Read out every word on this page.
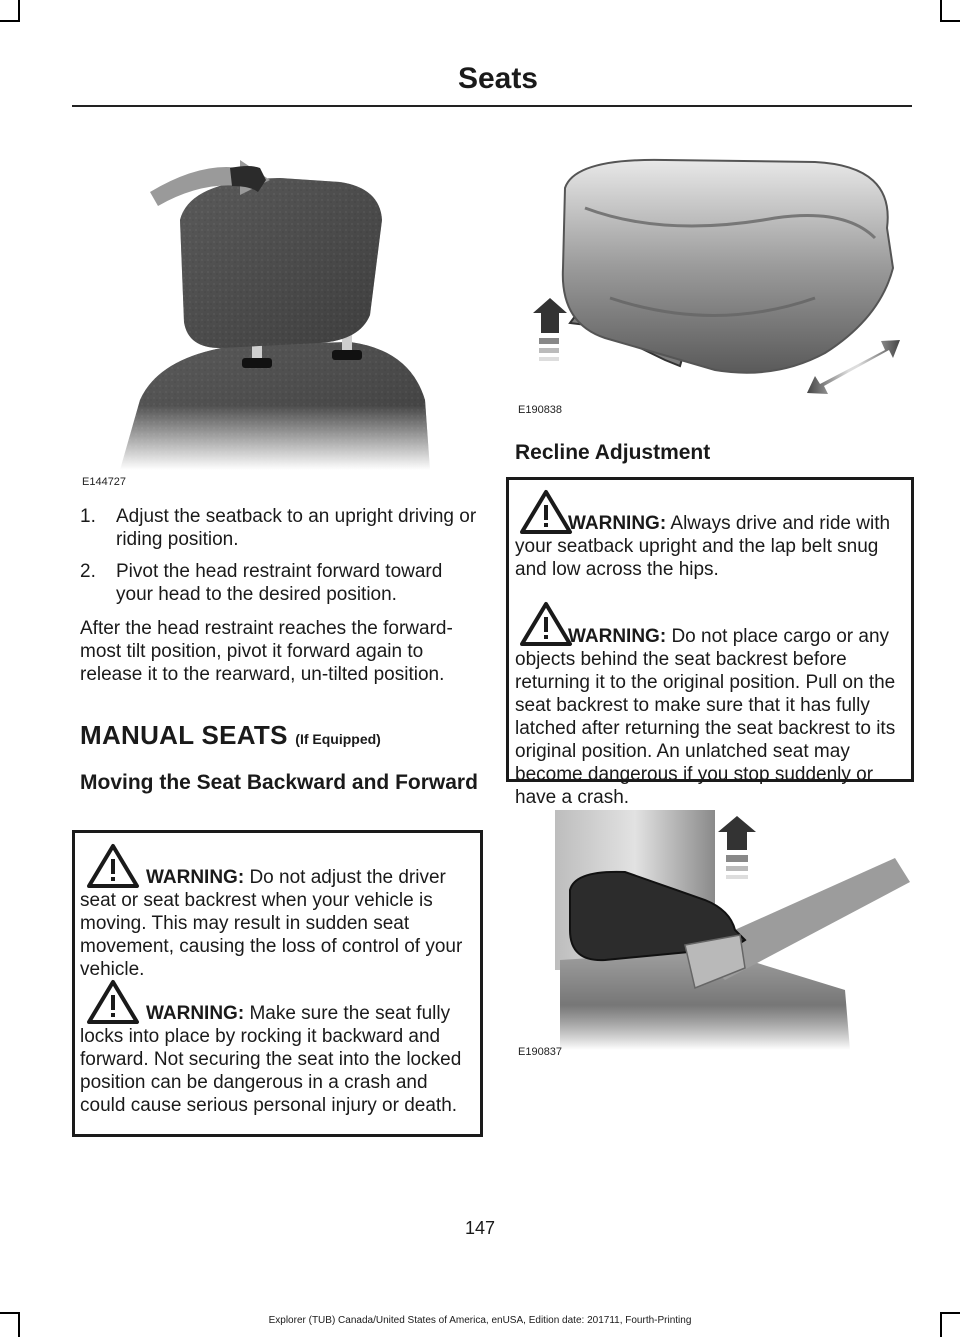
Seats
E144727
1. Adjust the seatback to an upright driving or riding position.
2. Pivot the head restraint forward toward your head to the desired position.

After the head restraint reaches the forward-most tilt position, pivot it forward again to release it to the rearward, un-tilted position.

MANUAL SEATS (If Equipped)
Moving the Seat Backward and Forward

WARNING: Do not adjust the driver seat or seat backrest when your vehicle is moving. This may result in sudden seat movement, causing the loss of control of your vehicle.

WARNING: Make sure the seat fully locks into place by rocking it backward and forward. Not securing the seat into the locked position can be dangerous in a crash and could cause serious personal injury or death.

E190838
Recline Adjustment

WARNING: Always drive and ride with your seatback upright and the lap belt snug and low across the hips.

WARNING: Do not place cargo or any objects behind the seat backrest before returning it to the original position. Pull on the seat backrest to make sure that it has fully latched after returning the seat backrest to its original position. An unlatched seat may become dangerous if you stop suddenly or have a crash.

E190837
147
Explorer (TUB) Canada/United States of America, enUSA, Edition date: 201711, Fourth-Printing
